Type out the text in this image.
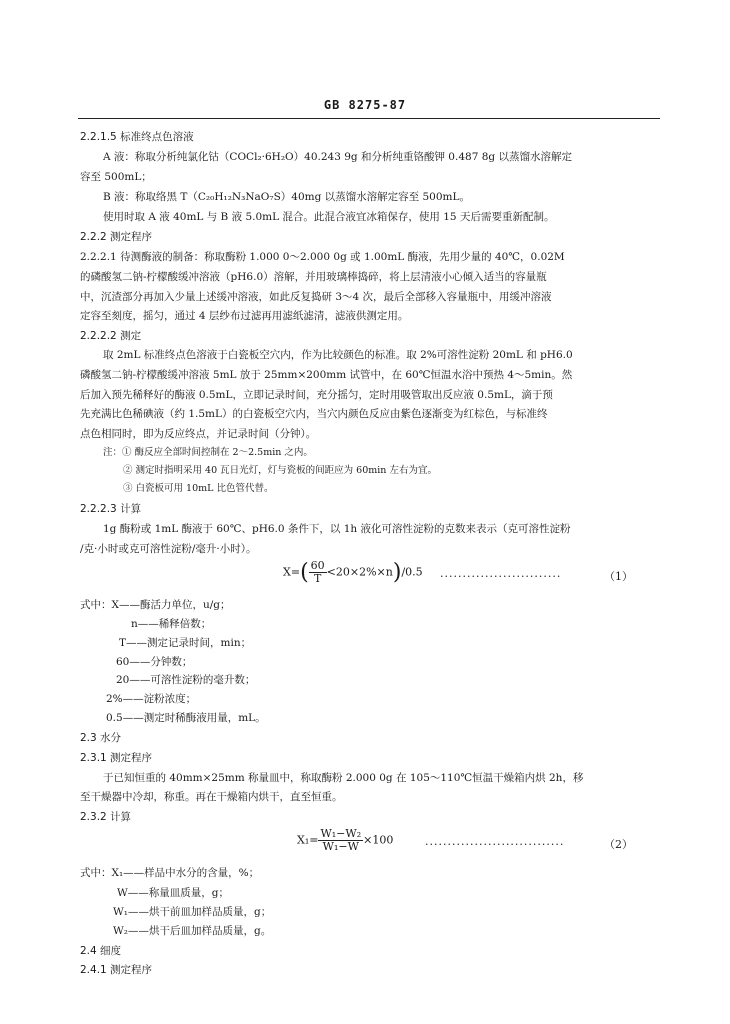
GB 8275-87
2.2.1.5 标准终点色溶液
A 液：称取分析纯氯化钴（COCl₂·6H₂O）40.243 9g 和分析纯重铬酸钾 0.487 8g 以蒸馏水溶解定
容至 500mL；
B 液：称取络黑 T（C₂₀H₁₂N₃NaO₇S）40mg 以蒸馏水溶解定容至 500mL。
使用时取 A 液 40mL 与 B 液 5.0mL 混合。此混合液宜冰箱保存，使用 15 天后需要重新配制。
2.2.2 测定程序
2.2.2.1 待测酶液的制备：称取酶粉 1.000 0～2.000 0g 或 1.00mL 酶液，先用少量的 40℃，0.02M
的磷酸氢二钠-柠檬酸缓冲溶液（pH6.0）溶解，并用玻璃棒捣碎，将上层清液小心倾入适当的容量瓶
中，沉渣部分再加入少量上述缓冲溶液，如此反复捣研 3～4 次，最后全部移入容量瓶中，用缓冲溶液
定容至刻度，摇匀，通过 4 层纱布过滤再用滤纸滤清，滤液供测定用。
2.2.2.2 测定
取 2mL 标准终点色溶液于白瓷板空穴内，作为比较颜色的标准。取 2%可溶性淀粉 20mL 和 pH6.0
磷酸氢二钠-柠檬酸缓冲溶液 5mL 放于 25mm×200mm 试管中，在 60℃恒温水浴中预热 4～5min。然
后加入预先稀释好的酶液 0.5mL，立即记录时间，充分摇匀，定时用吸管取出反应液 0.5mL，滴于预
先充满比色稀碘液（约 1.5mL）的白瓷板空穴内，当穴内颜色反应由紫色逐渐变为红棕色，与标准终
点色相同时，即为反应终点，并记录时间（分钟）。
注：① 酶反应全部时间控制在 2～2.5min 之内。
② 测定时指明采用 40 瓦日光灯，灯与瓷板的间距应为 60min 左右为宜。
③ 白瓷板可用 10mL 比色管代替。
2.2.2.3 计算
1g 酶粉或 1mL 酶液于 60℃、pH6.0 条件下，以 1h 液化可溶性淀粉的克数来表示（克可溶性淀粉
/克·小时或克可溶性淀粉/毫升·小时）。
$X=( \frac{60}{T} <20\times 2\%\times n)/0.5$ ···························	（1）
式中：X——酶活力单位，u/g；
n——稀释倍数；
T——测定记录时间，min；
60——分钟数；
20——可溶性淀粉的毫升数；
2%——淀粉浓度；
0.5——测定时稀酶液用量，mL。
2.3 水分
2.3.1 测定程序
于已知恒重的 40mm×25mm 称量皿中，称取酶粉 2.000 0g 在 105～110℃恒温干燥箱内烘 2h，移
至干燥器中冷却，称重。再在干燥箱内烘干，直至恒重。
2.3.2 计算
$X_1= \frac{\text{W₁−W₂}}{\text{W₁−W}} \times 100$	·······························	（2）
式中：X₁——样品中水分的含量，%；
W——称量皿质量，g；
W₁——烘干前皿加样品质量，g；
W₂——烘干后皿加样品质量，g。
2.4 细度
2.4.1 测定程序
